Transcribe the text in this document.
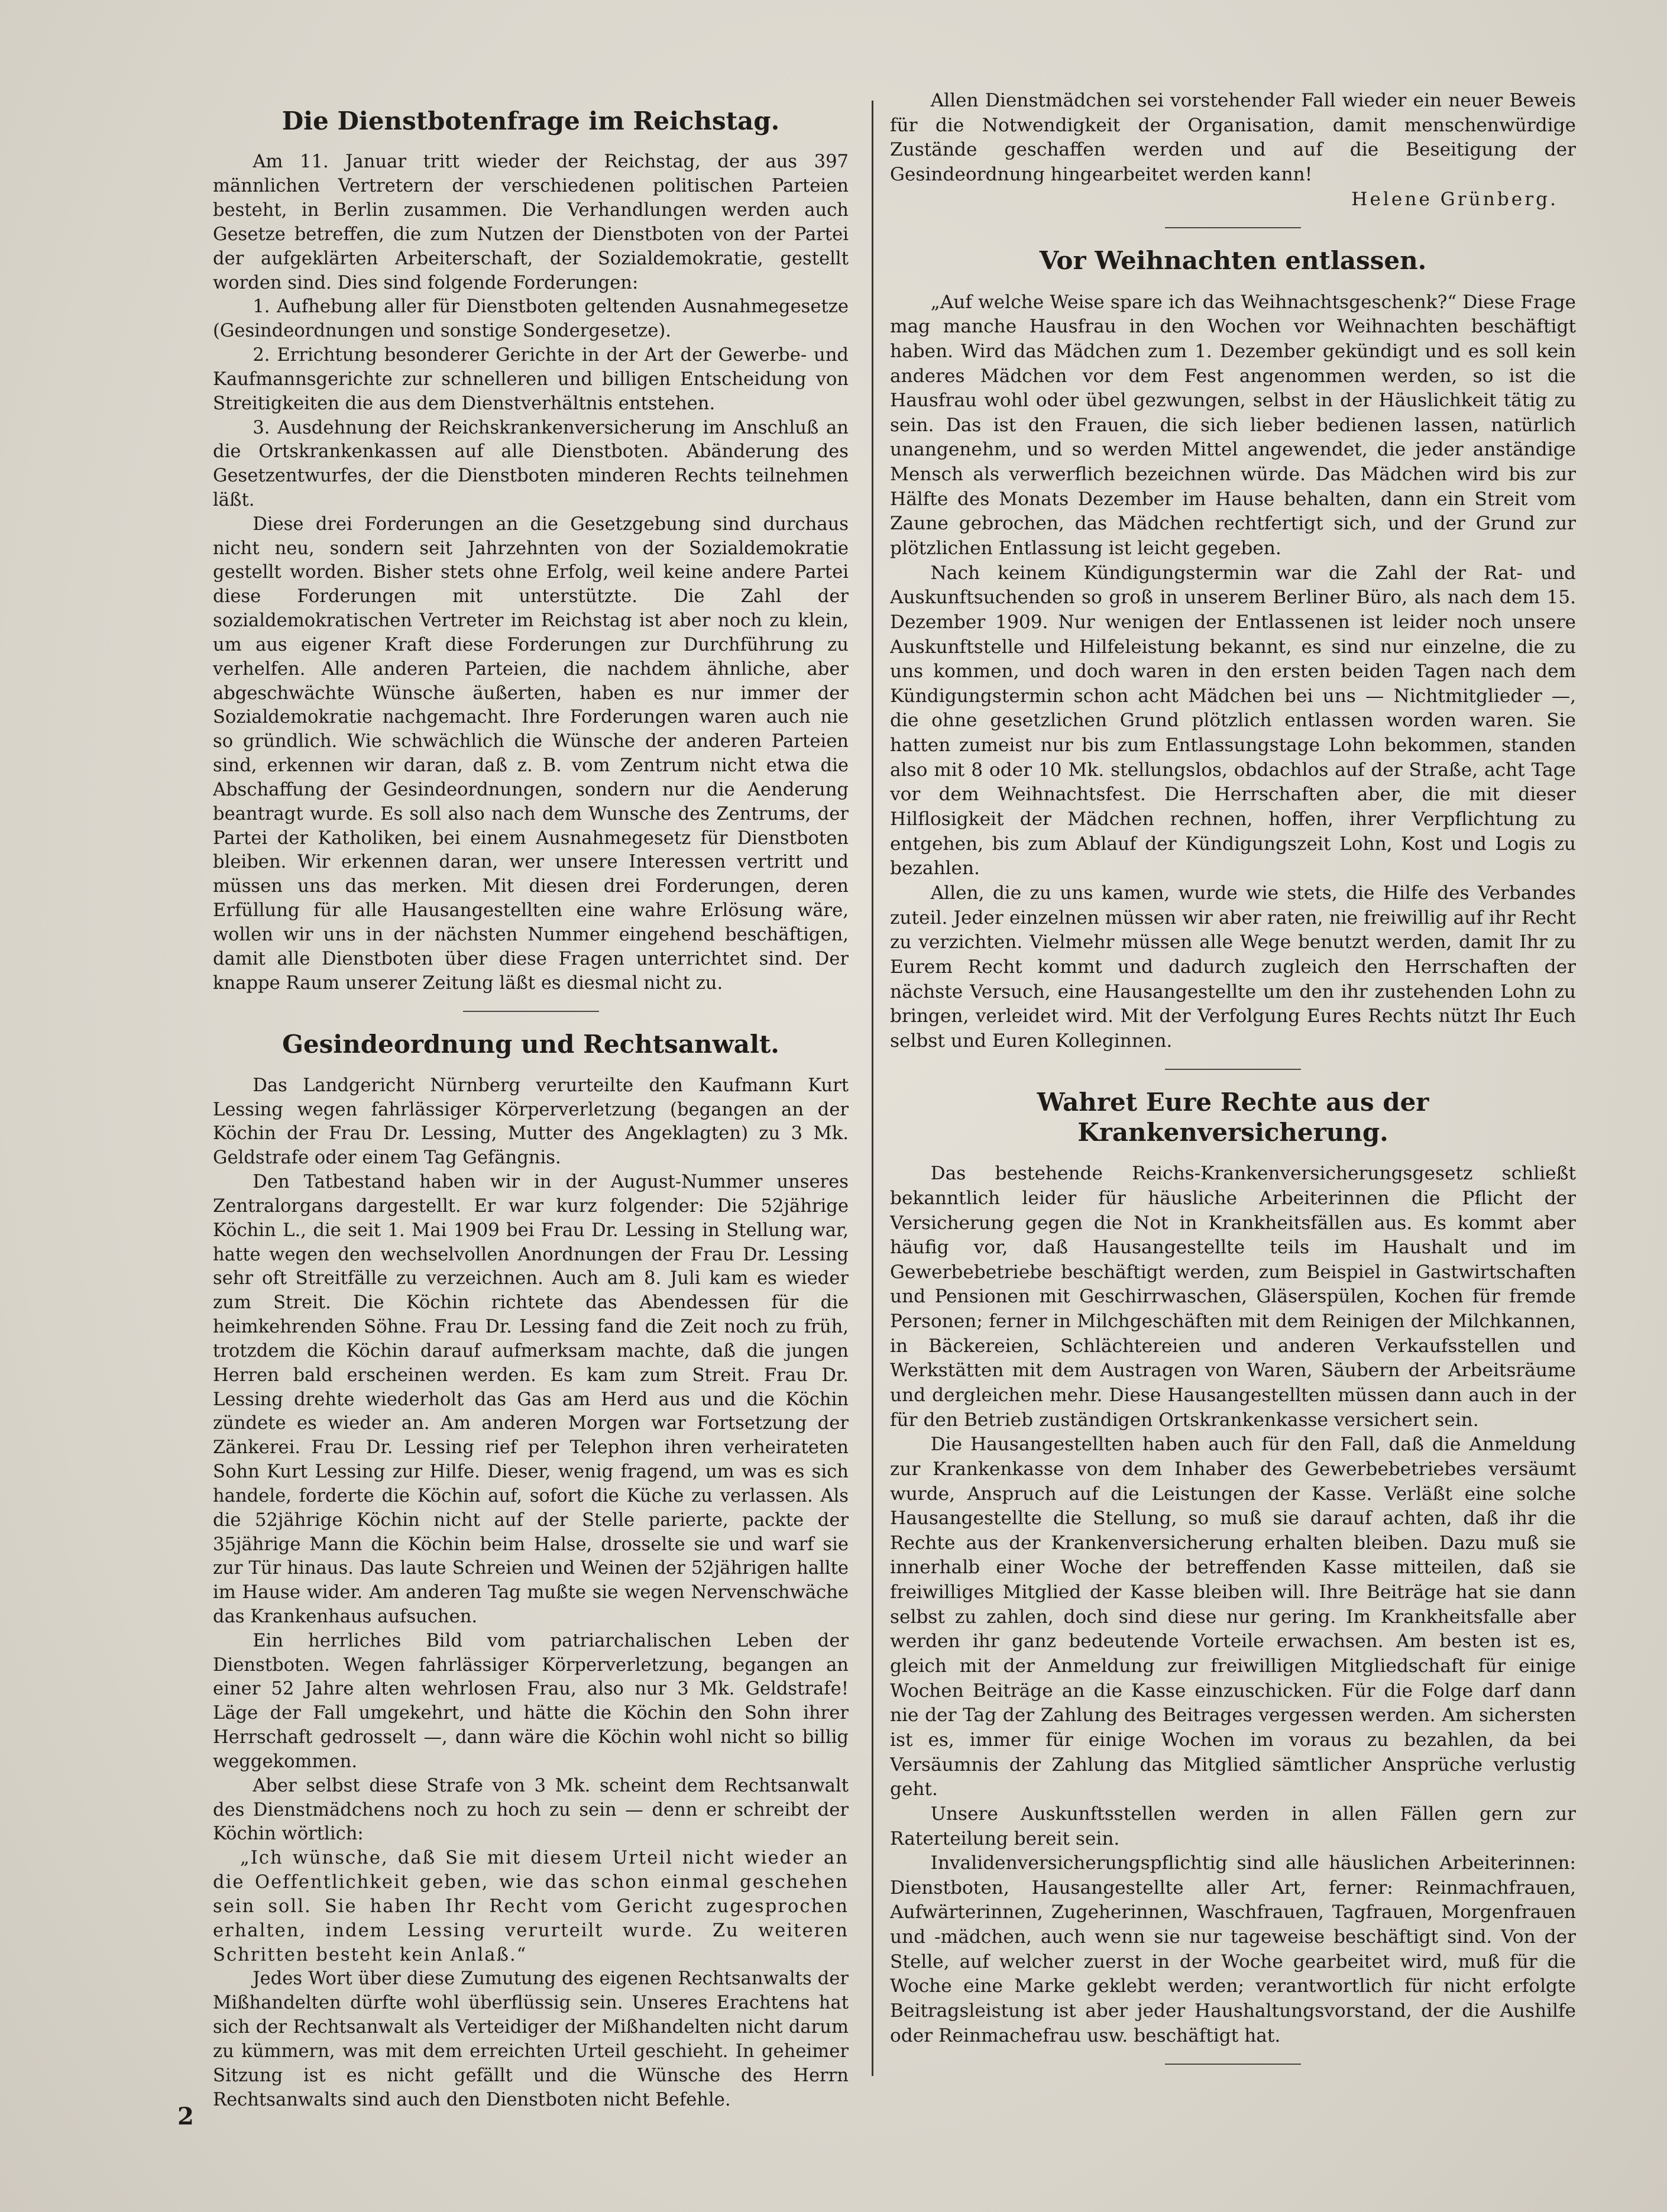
Die Dienstbotenfrage im Reichstag.

Am 11. Januar tritt wieder der Reichstag, der aus 397 männlichen Vertretern der verschiedenen politischen Parteien besteht, in Berlin zusammen. Die Verhandlungen werden auch Gesetze betreffen, die zum Nutzen der Dienstboten von der Partei der aufgeklärten Arbeiterschaft, der Sozialdemokratie, gestellt worden sind. Dies sind folgende Forderungen:

1. Aufhebung aller für Dienstboten geltenden Ausnahmegesetze (Gesindeordnungen und sonstige Sondergesetze).

2. Errichtung besonderer Gerichte in der Art der Gewerbe- und Kaufmannsgerichte zur schnelleren und billigen Entscheidung von Streitigkeiten die aus dem Dienstverhältnis entstehen.

3. Ausdehnung der Reichskrankenversicherung im Anschluß an die Ortskrankenkassen auf alle Dienstboten. Abänderung des Gesetzentwurfes, der die Dienstboten minderen Rechts teilnehmen läßt.

Diese drei Forderungen an die Gesetzgebung sind durchaus nicht neu, sondern seit Jahrzehnten von der Sozialdemokratie gestellt worden. Bisher stets ohne Erfolg, weil keine andere Partei diese Forderungen mit unterstützte. Die Zahl der sozialdemokratischen Vertreter im Reichstag ist aber noch zu klein, um aus eigener Kraft diese Forderungen zur Durchführung zu verhelfen. Alle anderen Parteien, die nachdem ähnliche, aber abgeschwächte Wünsche äußerten, haben es nur immer der Sozialdemokratie nachgemacht. Ihre Forderungen waren auch nie so gründlich. Wie schwächlich die Wünsche der anderen Parteien sind, erkennen wir daran, daß z. B. vom Zentrum nicht etwa die Abschaffung der Gesindeordnungen, sondern nur die Aenderung beantragt wurde. Es soll also nach dem Wunsche des Zentrums, der Partei der Katholiken, bei einem Ausnahmegesetz für Dienstboten bleiben. Wir erkennen daran, wer unsere Interessen vertritt und müssen uns das merken. Mit diesen drei Forderungen, deren Erfüllung für alle Hausangestellten eine wahre Erlösung wäre, wollen wir uns in der nächsten Nummer eingehend beschäftigen, damit alle Dienstboten über diese Fragen unterrichtet sind. Der knappe Raum unserer Zeitung läßt es diesmal nicht zu.

Gesindeordnung und Rechtsanwalt.

Das Landgericht Nürnberg verurteilte den Kaufmann Kurt Lessing wegen fahrlässiger Körperverletzung (begangen an der Köchin der Frau Dr. Lessing, Mutter des Angeklagten) zu 3 Mk. Geldstrafe oder einem Tag Gefängnis.

Den Tatbestand haben wir in der August-Nummer unseres Zentralorgans dargestellt. Er war kurz folgender: Die 52jährige Köchin L., die seit 1. Mai 1909 bei Frau Dr. Lessing in Stellung war, hatte wegen den wechselvollen Anordnungen der Frau Dr. Lessing sehr oft Streitfälle zu verzeichnen. Auch am 8. Juli kam es wieder zum Streit. Die Köchin richtete das Abendessen für die heimkehrenden Söhne. Frau Dr. Lessing fand die Zeit noch zu früh, trotzdem die Köchin darauf aufmerksam machte, daß die jungen Herren bald erscheinen werden. Es kam zum Streit. Frau Dr. Lessing drehte wiederholt das Gas am Herd aus und die Köchin zündete es wieder an. Am anderen Morgen war Fortsetzung der Zänkerei. Frau Dr. Lessing rief per Telephon ihren verheirateten Sohn Kurt Lessing zur Hilfe. Dieser, wenig fragend, um was es sich handele, forderte die Köchin auf, sofort die Küche zu verlassen. Als die 52jährige Köchin nicht auf der Stelle parierte, packte der 35jährige Mann die Köchin beim Halse, drosselte sie und warf sie zur Tür hinaus. Das laute Schreien und Weinen der 52jährigen hallte im Hause wider. Am anderen Tag mußte sie wegen Nervenschwäche das Krankenhaus aufsuchen.

Ein herrliches Bild vom patriarchalischen Leben der Dienstboten. Wegen fahrlässiger Körperverletzung, begangen an einer 52 Jahre alten wehrlosen Frau, also nur 3 Mk. Geldstrafe! Läge der Fall umgekehrt, und hätte die Köchin den Sohn ihrer Herrschaft gedrosselt —, dann wäre die Köchin wohl nicht so billig weggekommen.

Aber selbst diese Strafe von 3 Mk. scheint dem Rechtsanwalt des Dienstmädchens noch zu hoch zu sein — denn er schreibt der Köchin wörtlich:

„Ich wünsche, daß Sie mit diesem Urteil nicht wieder an die Oeffentlichkeit geben, wie das schon einmal geschehen sein soll. Sie haben Ihr Recht vom Gericht zugesprochen erhalten, indem Lessing verurteilt wurde. Zu weiteren Schritten besteht kein Anlaß.“

Jedes Wort über diese Zumutung des eigenen Rechtsanwalts der Mißhandelten dürfte wohl überflüssig sein. Unseres Erachtens hat sich der Rechtsanwalt als Verteidiger der Mißhandelten nicht darum zu kümmern, was mit dem erreichten Urteil geschieht. In geheimer Sitzung ist es nicht gefällt und die Wünsche des Herrn Rechtsanwalts sind auch den Dienstboten nicht Befehle.

Allen Dienstmädchen sei vorstehender Fall wieder ein neuer Beweis für die Notwendigkeit der Organisation, damit menschenwürdige Zustände geschaffen werden und auf die Beseitigung der Gesindeordnung hingearbeitet werden kann!

Helene Grünberg.

Vor Weihnachten entlassen.

„Auf welche Weise spare ich das Weihnachtsgeschenk?“ Diese Frage mag manche Hausfrau in den Wochen vor Weihnachten beschäftigt haben. Wird das Mädchen zum 1. Dezember gekündigt und es soll kein anderes Mädchen vor dem Fest angenommen werden, so ist die Hausfrau wohl oder übel gezwungen, selbst in der Häuslichkeit tätig zu sein. Das ist den Frauen, die sich lieber bedienen lassen, natürlich unangenehm, und so werden Mittel angewendet, die jeder anständige Mensch als verwerflich bezeichnen würde. Das Mädchen wird bis zur Hälfte des Monats Dezember im Hause behalten, dann ein Streit vom Zaune gebrochen, das Mädchen rechtfertigt sich, und der Grund zur plötzlichen Entlassung ist leicht gegeben.

Nach keinem Kündigungstermin war die Zahl der Rat- und Auskunftsuchenden so groß in unserem Berliner Büro, als nach dem 15. Dezember 1909. Nur wenigen der Entlassenen ist leider noch unsere Auskunftstelle und Hilfeleistung bekannt, es sind nur einzelne, die zu uns kommen, und doch waren in den ersten beiden Tagen nach dem Kündigungstermin schon acht Mädchen bei uns — Nichtmitglieder —, die ohne gesetzlichen Grund plötzlich entlassen worden waren. Sie hatten zumeist nur bis zum Entlassungstage Lohn bekommen, standen also mit 8 oder 10 Mk. stellungslos, obdachlos auf der Straße, acht Tage vor dem Weihnachtsfest. Die Herrschaften aber, die mit dieser Hilflosigkeit der Mädchen rechnen, hoffen, ihrer Verpflichtung zu entgehen, bis zum Ablauf der Kündigungszeit Lohn, Kost und Logis zu bezahlen.

Allen, die zu uns kamen, wurde wie stets, die Hilfe des Verbandes zuteil. Jeder einzelnen müssen wir aber raten, nie freiwillig auf ihr Recht zu verzichten. Vielmehr müssen alle Wege benutzt werden, damit Ihr zu Eurem Recht kommt und dadurch zugleich den Herrschaften der nächste Versuch, eine Hausangestellte um den ihr zustehenden Lohn zu bringen, verleidet wird. Mit der Verfolgung Eures Rechts nützt Ihr Euch selbst und Euren Kolleginnen.

Wahret Eure Rechte aus der Krankenversicherung.

Das bestehende Reichs-Krankenversicherungsgesetz schließt bekanntlich leider für häusliche Arbeiterinnen die Pflicht der Versicherung gegen die Not in Krankheitsfällen aus. Es kommt aber häufig vor, daß Hausangestellte teils im Haushalt und im Gewerbebetriebe beschäftigt werden, zum Beispiel in Gastwirtschaften und Pensionen mit Geschirrwaschen, Gläserspülen, Kochen für fremde Personen; ferner in Milchgeschäften mit dem Reinigen der Milchkannen, in Bäckereien, Schlächtereien und anderen Verkaufsstellen und Werkstätten mit dem Austragen von Waren, Säubern der Arbeitsräume und dergleichen mehr. Diese Hausangestellten müssen dann auch in der für den Betrieb zuständigen Ortskrankenkasse versichert sein.

Die Hausangestellten haben auch für den Fall, daß die Anmeldung zur Krankenkasse von dem Inhaber des Gewerbebetriebes versäumt wurde, Anspruch auf die Leistungen der Kasse. Verläßt eine solche Hausangestellte die Stellung, so muß sie darauf achten, daß ihr die Rechte aus der Krankenversicherung erhalten bleiben. Dazu muß sie innerhalb einer Woche der betreffenden Kasse mitteilen, daß sie freiwilliges Mitglied der Kasse bleiben will. Ihre Beiträge hat sie dann selbst zu zahlen, doch sind diese nur gering. Im Krankheitsfalle aber werden ihr ganz bedeutende Vorteile erwachsen. Am besten ist es, gleich mit der Anmeldung zur freiwilligen Mitgliedschaft für einige Wochen Beiträge an die Kasse einzuschicken. Für die Folge darf dann nie der Tag der Zahlung des Beitrages vergessen werden. Am sichersten ist es, immer für einige Wochen im voraus zu bezahlen, da bei Versäumnis der Zahlung das Mitglied sämtlicher Ansprüche verlustig geht.

Unsere Auskunftsstellen werden in allen Fällen gern zur Raterteilung bereit sein.

Invalidenversicherungspflichtig sind alle häuslichen Arbeiterinnen: Dienstboten, Hausangestellte aller Art, ferner: Reinmachfrauen, Aufwärterinnen, Zugeherinnen, Waschfrauen, Tagfrauen, Morgenfrauen und -mädchen, auch wenn sie nur tageweise beschäftigt sind. Von der Stelle, auf welcher zuerst in der Woche gearbeitet wird, muß für die Woche eine Marke geklebt werden; verantwortlich für nicht erfolgte Beitragsleistung ist aber jeder Haushaltungsvorstand, der die Aushilfe oder Reinmachefrau usw. beschäftigt hat.

2
